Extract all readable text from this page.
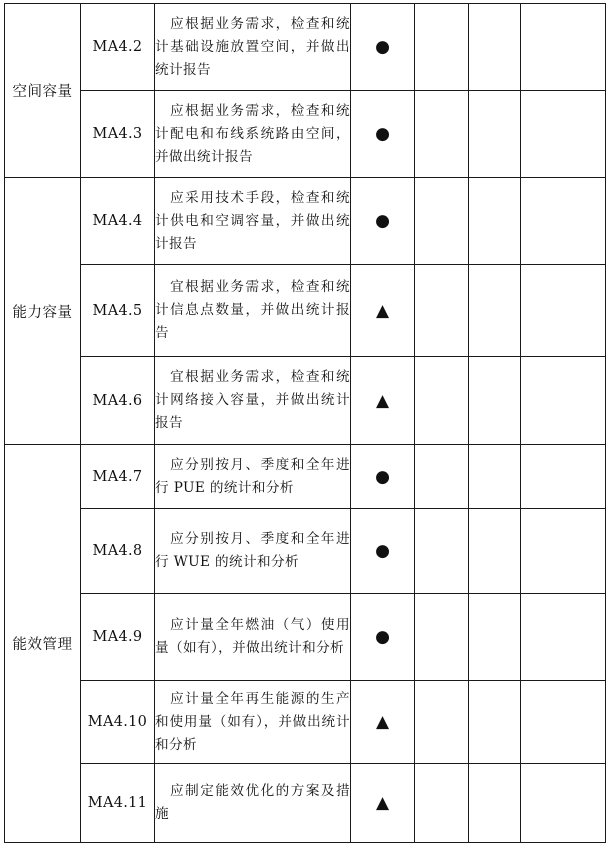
空间容量	MA4.2	应根据业务需求，检查和统计基础设施放置空间，并做出统计报告	●			
	MA4.3	应根据业务需求，检查和统计配电和布线系统路由空间，并做出统计报告	●			
能力容量	MA4.4	应采用技术手段，检查和统计供电和空调容量，并做出统计报告	●			
	MA4.5	宜根据业务需求，检查和统计信息点数量，并做出统计报告	▲			
	MA4.6	宜根据业务需求，检查和统计网络接入容量，并做出统计报告	▲			
能效管理	MA4.7	应分别按月、季度和全年进行 PUE 的统计和分析	●			
	MA4.8	应分别按月、季度和全年进行 WUE 的统计和分析	●			
	MA4.9	应计量全年燃油（气）使用量（如有），并做出统计和分析	●			
	MA4.10	应计量全年再生能源的生产和使用量（如有），并做出统计和分析	▲			
	MA4.11	应制定能效优化的方案及措施	▲			
